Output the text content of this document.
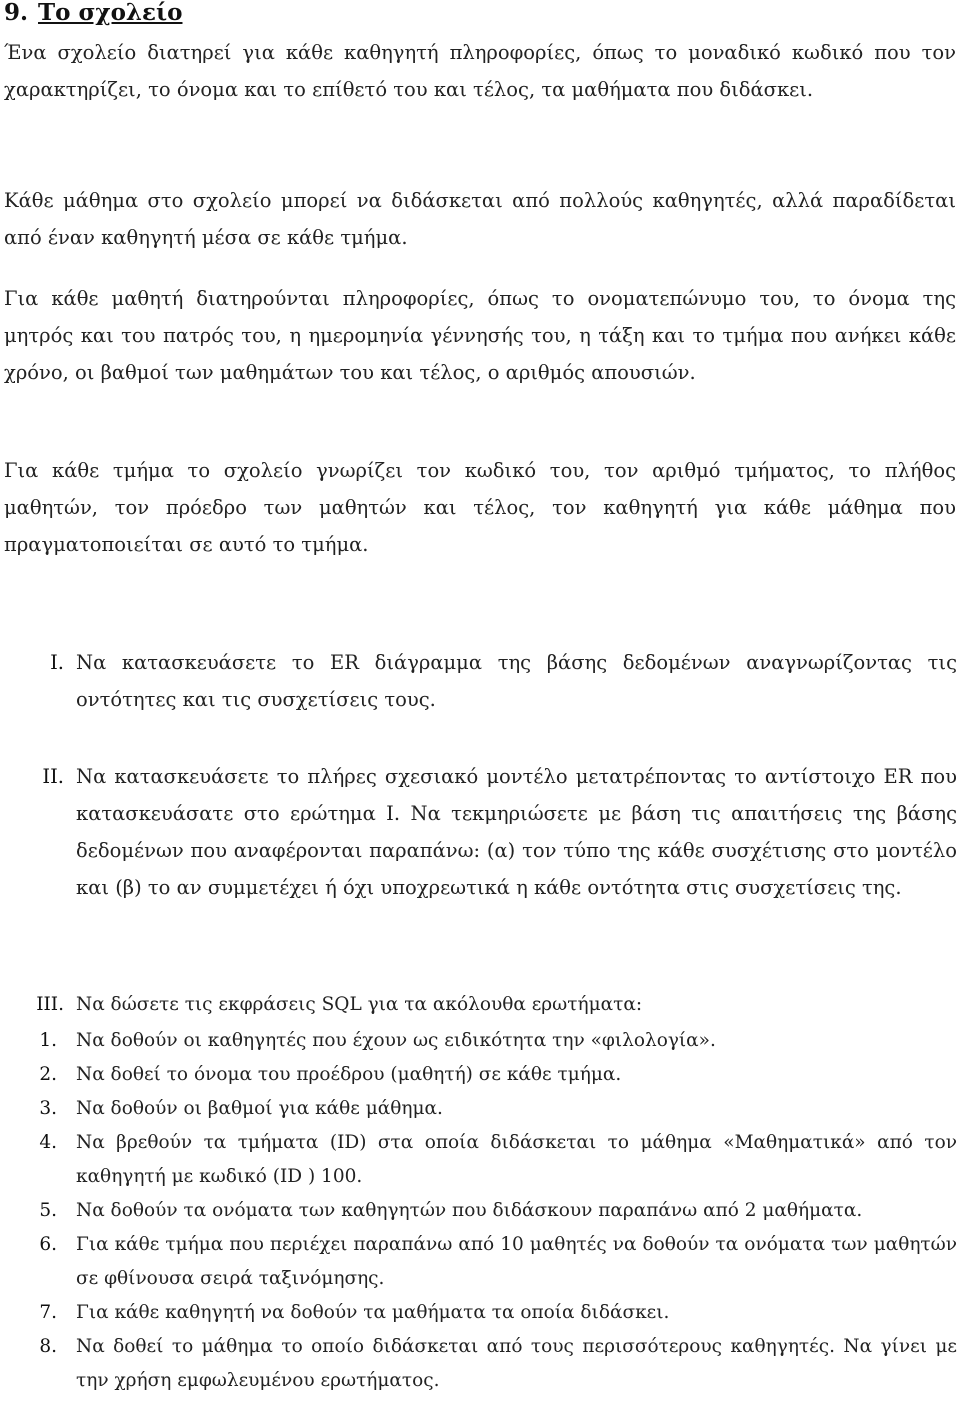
9. Το σχολείο

Ένα σχολείο διατηρεί για κάθε καθηγητή πληροφορίες, όπως το μοναδικό κωδικό που τον χαρακτηρίζει, το όνομα και το επίθετό του και τέλος, τα μαθήματα που διδάσκει.

Κάθε μάθημα στο σχολείο μπορεί να διδάσκεται από πολλούς καθηγητές, αλλά παραδίδεται από έναν καθηγητή μέσα σε κάθε τμήμα.

Για κάθε μαθητή διατηρούνται πληροφορίες, όπως το ονοματεπώνυμο του, το όνομα της μητρός και του πατρός του, η ημερομηνία γέννησής του, η τάξη και το τμήμα που ανήκει κάθε χρόνο, οι βαθμοί των μαθημάτων του και τέλος, ο αριθμός απουσιών.

Για κάθε τμήμα το σχολείο γνωρίζει τον κωδικό του, τον αριθμό τμήματος, το πλήθος μαθητών, τον πρόεδρο των μαθητών και τέλος, τον καθηγητή για κάθε μάθημα που πραγματοποιείται σε αυτό το τμήμα.

I. Να κατασκευάσετε το ER διάγραμμα της βάσης δεδομένων αναγνωρίζοντας τις οντότητες και τις συσχετίσεις τους.
II. Να κατασκευάσετε το πλήρες σχεσιακό μοντέλο μετατρέποντας το αντίστοιχο ER που κατασκευάσατε στο ερώτημα Ι. Να τεκμηριώσετε με βάση τις απαιτήσεις της βάσης δεδομένων που αναφέρονται παραπάνω: (α) τον τύπο της κάθε συσχέτισης στο μοντέλο και (β) το αν συμμετέχει ή όχι υποχρεωτικά η κάθε οντότητα στις συσχετίσεις της.
III. Να δώσετε τις εκφράσεις SQL για τα ακόλουθα ερωτήματα:
1. Να δοθούν οι καθηγητές που έχουν ως ειδικότητα την «φιλολογία».
2. Να δοθεί το όνομα του προέδρου (μαθητή) σε κάθε τμήμα.
3. Να δοθούν οι βαθμοί για κάθε μάθημα.
4. Να βρεθούν τα τμήματα (ID) στα οποία διδάσκεται το μάθημα «Μαθηματικά» από τον καθηγητή με κωδικό (ID ) 100.
5. Να δοθούν τα ονόματα των καθηγητών που διδάσκουν παραπάνω από 2 μαθήματα.
6. Για κάθε τμήμα που περιέχει παραπάνω από 10 μαθητές να δοθούν τα ονόματα των μαθητών σε φθίνουσα σειρά ταξινόμησης.
7. Για κάθε καθηγητή να δοθούν τα μαθήματα τα οποία διδάσκει.
8. Να δοθεί το μάθημα το οποίο διδάσκεται από τους περισσότερους καθηγητές. Να γίνει με την χρήση εμφωλευμένου ερωτήματος.
